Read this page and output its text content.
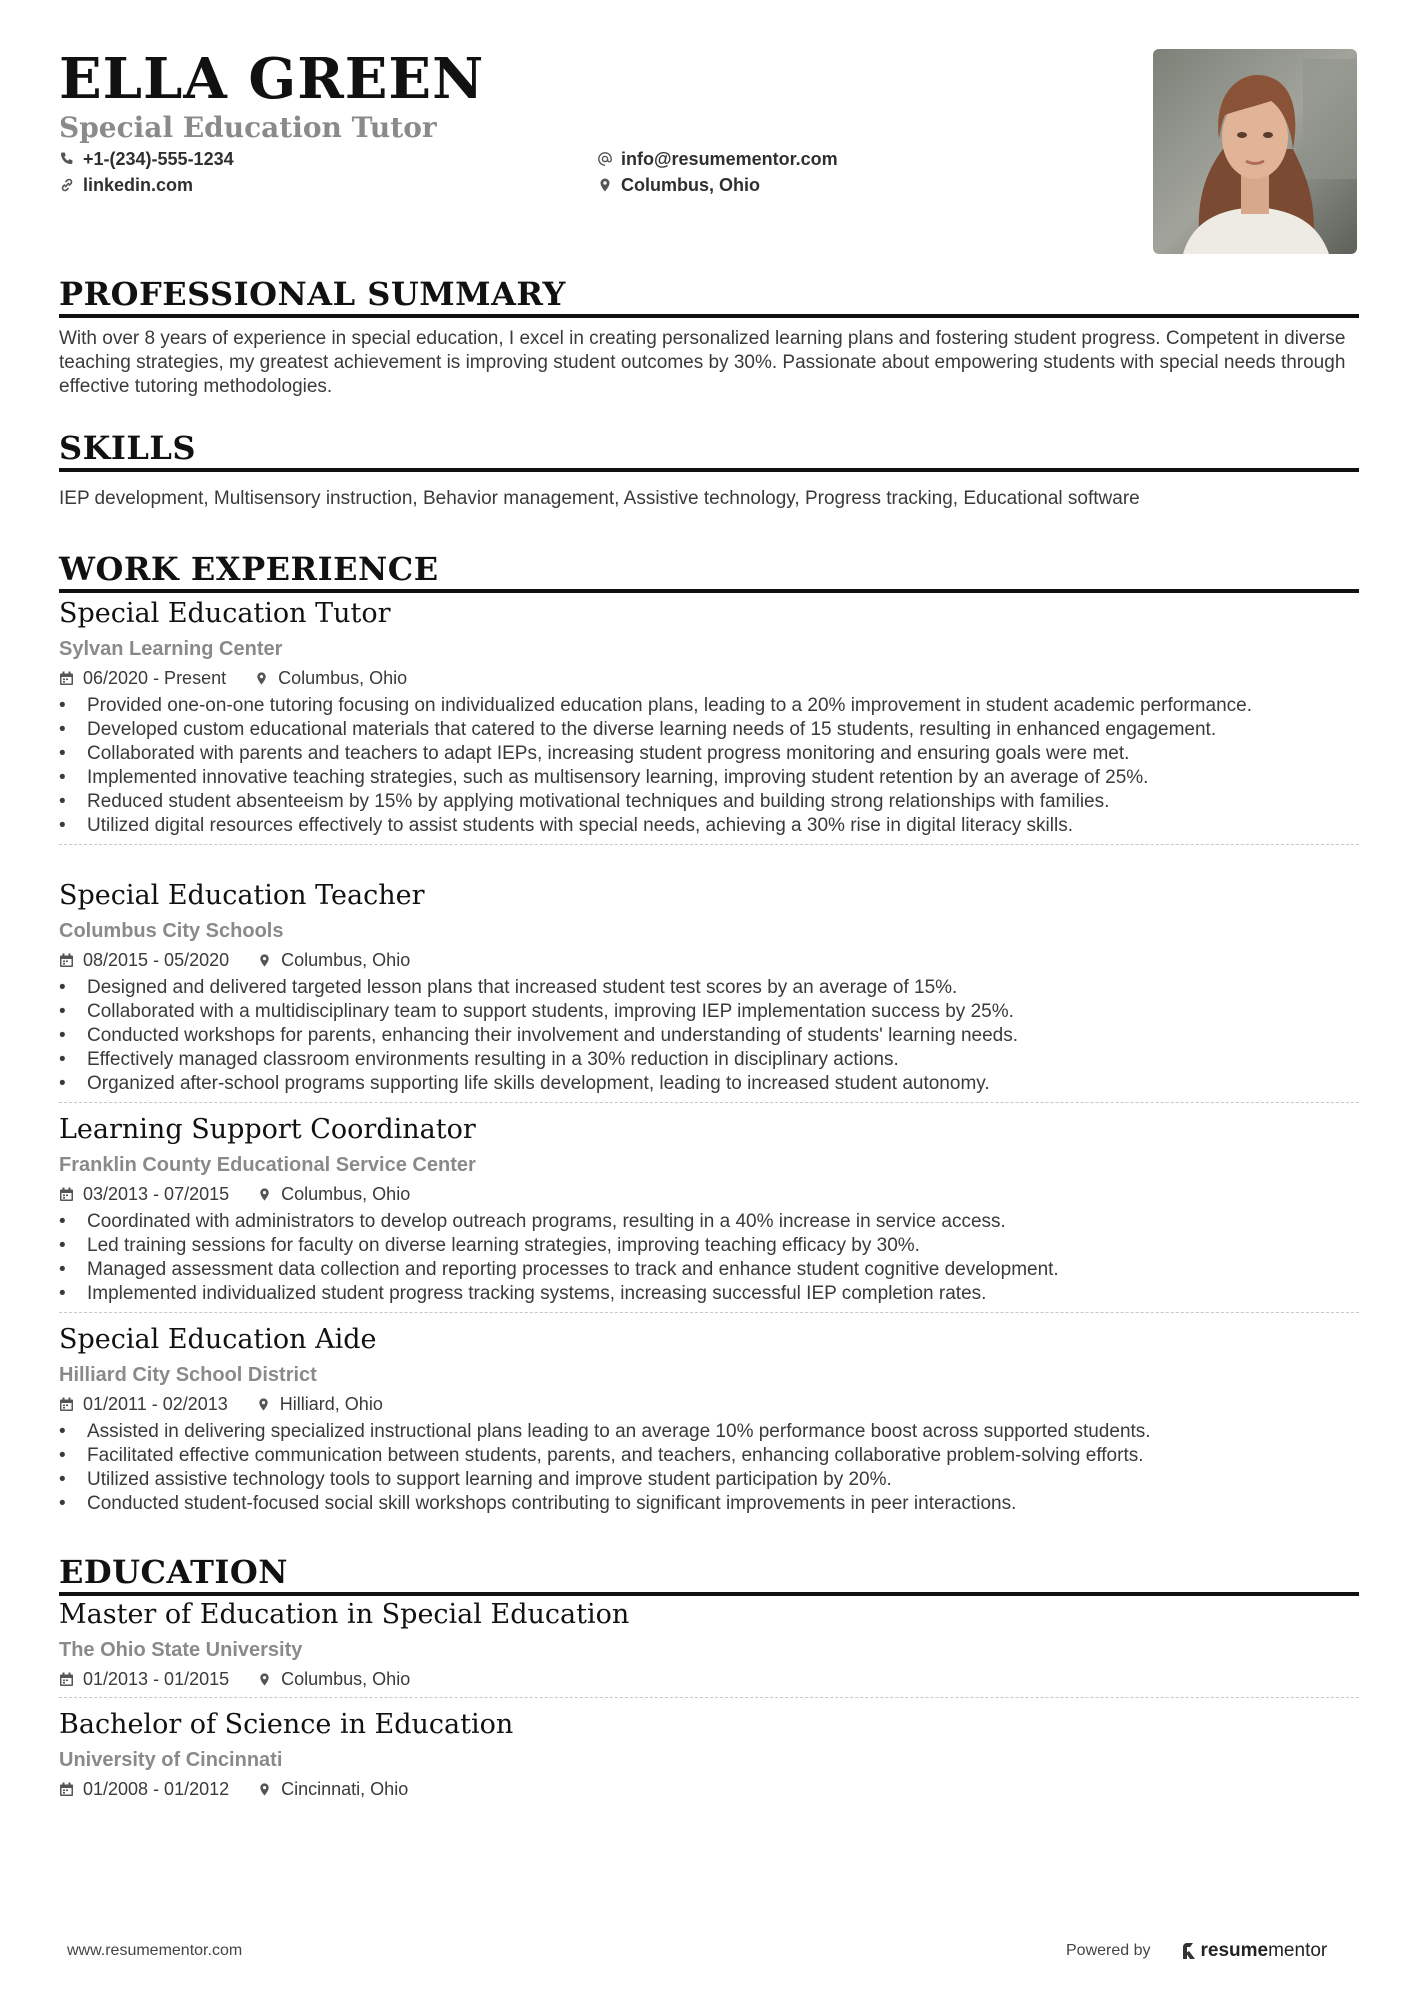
ELLA GREEN
Special Education Tutor
+1-(234)-555-1234
linkedin.com
info@resumementor.com
Columbus, Ohio
PROFESSIONAL SUMMARY
With over 8 years of experience in special education, I excel in creating personalized learning plans and fostering student progress. Competent in diverse teaching strategies, my greatest achievement is improving student outcomes by 30%. Passionate about empowering students with special needs through effective tutoring methodologies.
SKILLS
IEP development, Multisensory instruction, Behavior management, Assistive technology, Progress tracking, Educational software
WORK EXPERIENCE
Special Education Tutor
Sylvan Learning Center
06/2020 - Present	Columbus, Ohio
• Provided one-on-one tutoring focusing on individualized education plans, leading to a 20% improvement in student academic performance.
• Developed custom educational materials that catered to the diverse learning needs of 15 students, resulting in enhanced engagement.
• Collaborated with parents and teachers to adapt IEPs, increasing student progress monitoring and ensuring goals were met.
• Implemented innovative teaching strategies, such as multisensory learning, improving student retention by an average of 25%.
• Reduced student absenteeism by 15% by applying motivational techniques and building strong relationships with families.
• Utilized digital resources effectively to assist students with special needs, achieving a 30% rise in digital literacy skills.
Special Education Teacher
Columbus City Schools
08/2015 - 05/2020	Columbus, Ohio
• Designed and delivered targeted lesson plans that increased student test scores by an average of 15%.
• Collaborated with a multidisciplinary team to support students, improving IEP implementation success by 25%.
• Conducted workshops for parents, enhancing their involvement and understanding of students' learning needs.
• Effectively managed classroom environments resulting in a 30% reduction in disciplinary actions.
• Organized after-school programs supporting life skills development, leading to increased student autonomy.
Learning Support Coordinator
Franklin County Educational Service Center
03/2013 - 07/2015	Columbus, Ohio
• Coordinated with administrators to develop outreach programs, resulting in a 40% increase in service access.
• Led training sessions for faculty on diverse learning strategies, improving teaching efficacy by 30%.
• Managed assessment data collection and reporting processes to track and enhance student cognitive development.
• Implemented individualized student progress tracking systems, increasing successful IEP completion rates.
Special Education Aide
Hilliard City School District
01/2011 - 02/2013	Hilliard, Ohio
• Assisted in delivering specialized instructional plans leading to an average 10% performance boost across supported students.
• Facilitated effective communication between students, parents, and teachers, enhancing collaborative problem-solving efforts.
• Utilized assistive technology tools to support learning and improve student participation by 20%.
• Conducted student-focused social skill workshops contributing to significant improvements in peer interactions.
EDUCATION
Master of Education in Special Education
The Ohio State University
01/2013 - 01/2015	Columbus, Ohio
Bachelor of Science in Education
University of Cincinnati
01/2008 - 01/2012	Cincinnati, Ohio
www.resumementor.com	Powered by	resume mentor
